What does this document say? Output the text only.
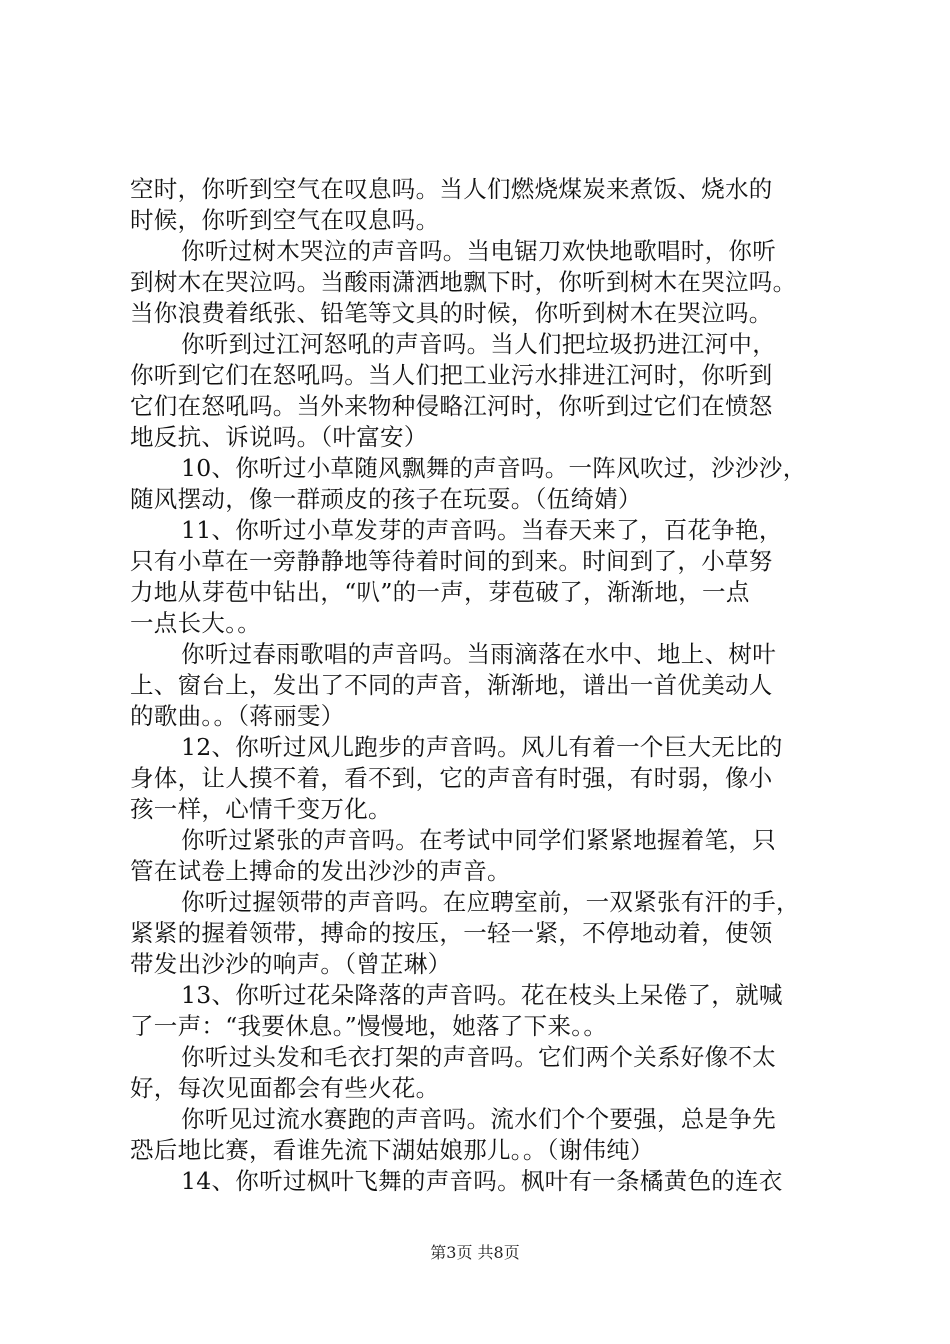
空时，你听到空气在叹息吗。当人们燃烧煤炭来煮饭、烧水的
时候，你听到空气在叹息吗。
你听过树木哭泣的声音吗。当电锯刀欢快地歌唱时，你听
到树木在哭泣吗。当酸雨潇洒地飘下时，你听到树木在哭泣吗。
当你浪费着纸张、铅笔等文具的时候，你听到树木在哭泣吗。
你听到过江河怒吼的声音吗。当人们把垃圾扔进江河中，
你听到它们在怒吼吗。当人们把工业污水排进江河时，你听到
它们在怒吼吗。当外来物种侵略江河时，你听到过它们在愤怒
地反抗、诉说吗。（叶富安）
10、你听过小草随风飘舞的声音吗。一阵风吹过，沙沙沙，
随风摆动，像一群顽皮的孩子在玩耍。（伍绮婧）
11、你听过小草发芽的声音吗。当春天来了，百花争艳，
只有小草在一旁静静地等待着时间的到来。时间到了，小草努
力地从芽苞中钻出，“叭”的一声，芽苞破了，渐渐地，一点
一点长大。。
你听过春雨歌唱的声音吗。当雨滴落在水中、地上、树叶
上、窗台上，发出了不同的声音，渐渐地，谱出一首优美动人
的歌曲。。（蒋丽雯）
12、你听过风儿跑步的声音吗。风儿有着一个巨大无比的
身体，让人摸不着，看不到，它的声音有时强，有时弱，像小
孩一样，心情千变万化。
你听过紧张的声音吗。在考试中同学们紧紧地握着笔，只
管在试卷上搏命的发出沙沙的声音。
你听过握领带的声音吗。在应聘室前，一双紧张有汗的手，
紧紧的握着领带，搏命的按压，一轻一紧，不停地动着，使领
带发出沙沙的响声。（曾芷琳）
13、你听过花朵降落的声音吗。花在枝头上呆倦了，就喊
了一声：“我要休息。”慢慢地，她落了下来。。
你听过头发和毛衣打架的声音吗。它们两个关系好像不太
好，每次见面都会有些火花。
你听见过流水赛跑的声音吗。流水们个个要强，总是争先
恐后地比赛，看谁先流下湖姑娘那儿。。（谢伟纯）
14、你听过枫叶飞舞的声音吗。枫叶有一条橘黄色的连衣
第3页 共8页
